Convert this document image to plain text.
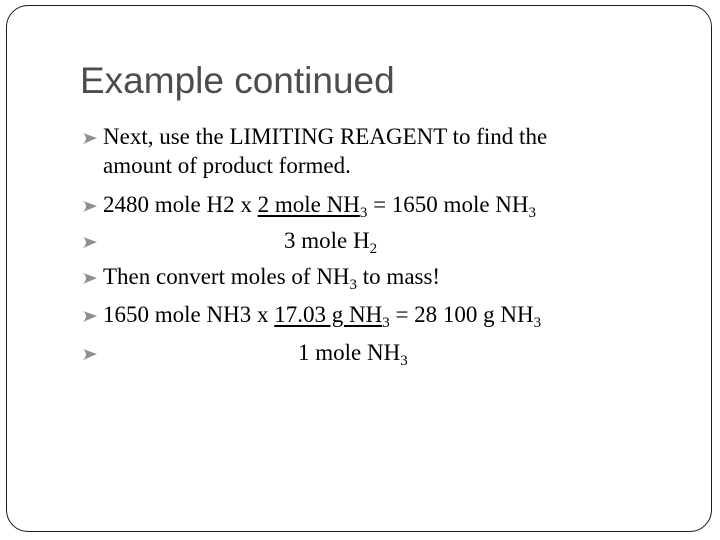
Example continued
Next, use the LIMITING REAGENT to find the
amount of product formed.
2480 mole H2 x 2 mole $NH_3 = 1650$ mole $NH_3$
3 mole $H_2$
Then convert moles of $NH_3$ to mass!
1650 mole NH3 x 17.03 g $NH_3 = 28$ 100 g $NH_3$
1 mole $NH_3$
